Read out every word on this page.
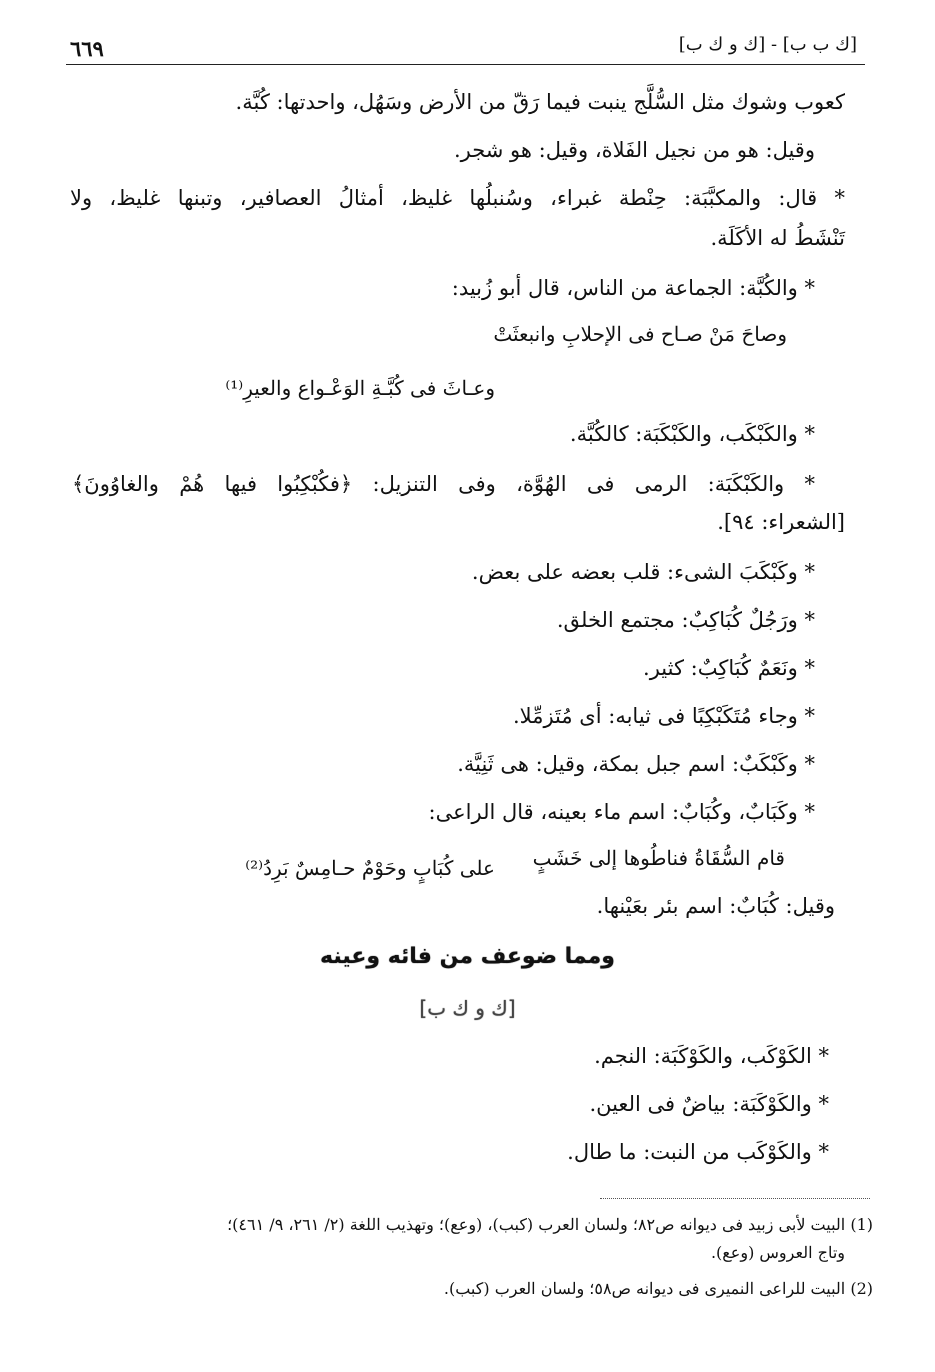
٦٦٩	[ك ب ب] - [ك و ك ب]
كعوب وشوك مثل السُّلَّج ينبت فيما رَقّ من الأرض وسَهُل، واحدتها: كُبَّة.
وقيل: هو من نجيل الفَلاة، وقيل: هو شجر.
* قال: والمكبَّبَة: حِنْطة غبراء، وسُنبلُها غليظ، أمثالُ العصافير، وتبنها غليظ، ولا
تَنْشَطُ له الأكَلَة.
* والكُبَّة: الجماعة من الناس، قال أبو زُبيد:
وصاحَ مَنْ صـاح فى الإحلابِ وانبعثَتْ
وعـاثَ فى كُبَّـةِ الوَعْـواع والعيرِ⁽¹⁾
* والكَبْكَب، والكَبْكَبَة: كالكُبَّة.
* والكَبْكَبَة: الرمى فى الهُوَّة، وفى التنزيل: ﴿فكُبْكِبُوا فيها هُمْ والغاوُونَ﴾
[الشعراء: ٩٤].
* وكَبْكَبَ الشىء: قلب بعضه على بعض.
* ورَجُلٌ كُبَاكِبٌ: مجتمع الخلق.
* ونَعَمٌ كُبَاكِبٌ: كثير.
* وجاء مُتَكَبْكِبًا فى ثيابه: أى مُتَزمِّلا.
* وكَبْكَبٌ: اسم جبل بمكة، وقيل: هى ثَنِيَّة.
* وكَبَابٌ، وكُبَابٌ: اسم ماء بعينه، قال الراعى:
قام السُّقَاةُ فناطُوها إلى خَشَبٍ
على كُبَابٍ وحَوْمٌ حـامِسٌ بَرِدُ⁽²⁾
وقيل: كُبَابٌ: اسم بئر بعَيْنها.
ومما ضوعف من فائه وعينه
[ك و ك ب]
* الكَوْكَب، والكَوْكَبَة: النجم.
* والكَوْكَبَة: بياضٌ فى العين.
* والكَوْكَب من النبت: ما طال.
(1) البيت لأبى زبيد فى ديوانه ص٨٢؛ ولسان العرب (كبب)، (وعع)؛ وتهذيب اللغة (٢/ ٢٦١، ٩/ ٤٦١)؛
وتاج العروس (وعع).
(2) البيت للراعى النميرى فى ديوانه ص٥٨؛ ولسان العرب (كبب).
